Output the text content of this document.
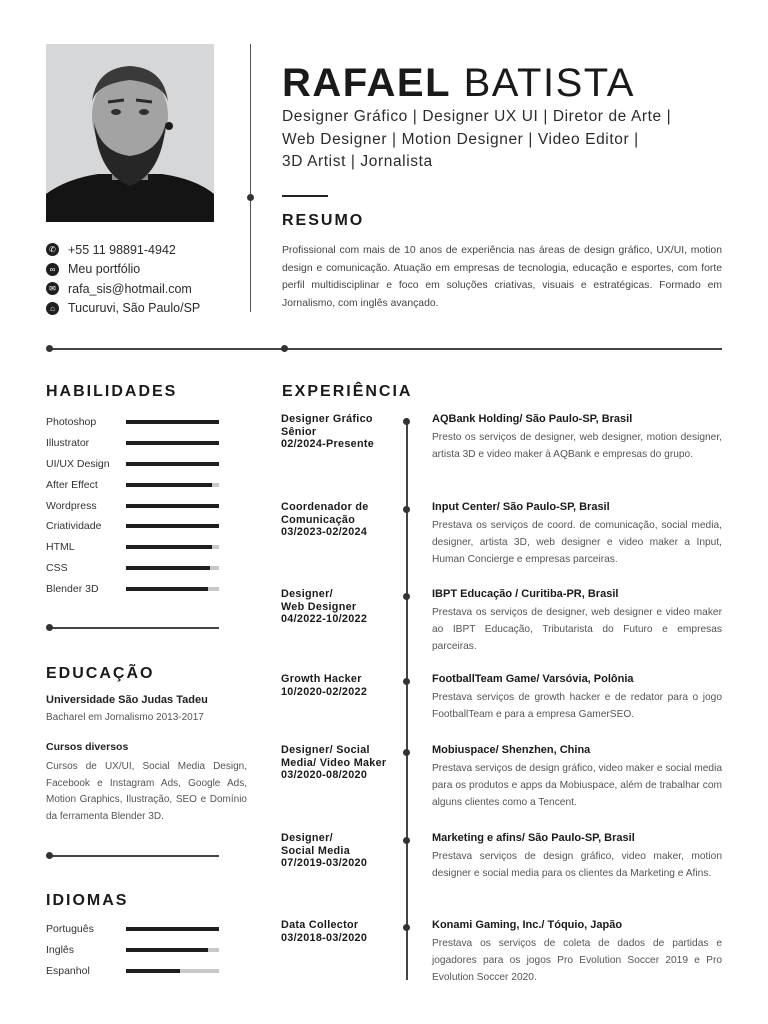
✆ +55 11 98891-4942
∞ Meu portfólio
✉ rafa_sis@hotmail.com
⌂	Tucuruvi, São Paulo/SP
RAFAEL BATISTA
Designer Gráfico | Designer UX UI | Diretor de Arte |
Web Designer | Motion Designer | Video Editor |
3D Artist | Jornalista
RESUMO
Profissional com mais de 10 anos de experiência nas áreas de design gráfico, UX/UI, motion design e comunicação. Atuação em empresas de tecnologia, educação e esportes, com forte perfil multidisciplinar e foco em soluções criativas, visuais e estratégicas. Formado em Jornalismo, com inglês avançado.
HABILIDADES
Photoshop
Illustrator
UI/UX Design
After Effect
Wordpress
Criatividade
HTML
CSS
Blender 3D
EDUCAÇÃO
Universidade São Judas Tadeu
Bacharel em Jornalismo 2013-2017
Cursos diversos
Cursos de UX/UI, Social Media Design, Facebook e Instagram Ads, Google Ads, Motion Graphics, Ilustração, SEO e Domínio da ferramenta Blender 3D.
IDIOMAS
Português
Inglês
Espanhol
EXPERIÊNCIA
Designer Gráfico
Sênior
02/2024-Presente
AQBank Holding/ São Paulo-SP, Brasil
Presto os serviços de designer, web designer, motion designer, artista 3D e video maker à AQBank e empresas do grupo.
Coordenador de
Comunicação
03/2023-02/2024
Input Center/ São Paulo-SP, Brasil
Prestava os serviços de coord. de comunicação, social media, designer, artista 3D, web designer e video maker a Input, Human Concierge e empresas parceiras.
Designer/
Web Designer
04/2022-10/2022
IBPT Educação / Curitiba-PR, Brasil
Prestava os serviços de designer, web designer e video maker ao IBPT Educação, Tributarista do Futuro e empresas parceiras.
Growth Hacker
10/2020-02/2022
FootballTeam Game/ Varsóvia, Polônia
Prestava serviços de growth hacker e de redator para o jogo FootballTeam e para a empresa GamerSEO.
Designer/ Social
Media/ Video Maker
03/2020-08/2020
Mobiuspace/ Shenzhen, China
Prestava serviços de design gráfico, video maker e social media para os produtos e apps da Mobiuspace, além de trabalhar com alguns clientes como a Tencent.
Designer/
Social Media
07/2019-03/2020
Marketing e afins/ São Paulo-SP, Brasil
Prestava serviços de design gráfico, video maker, motion designer e social media para os clientes da Marketing e Afins.
Data Collector
03/2018-03/2020
Konami Gaming, Inc./ Tóquio, Japão
Prestava os serviços de coleta de dados de partidas e jogadores para os jogos Pro Evolution Soccer 2019 e Pro Evolution Soccer 2020.
